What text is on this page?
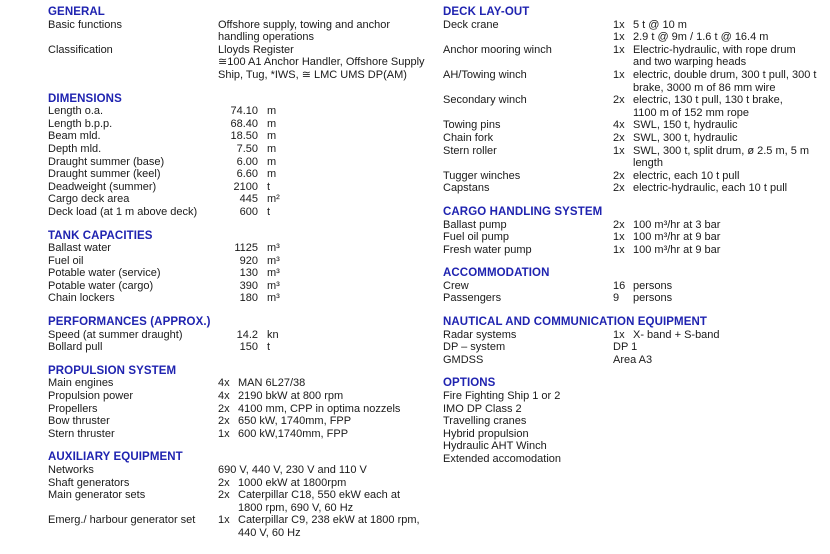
GENERAL
Basic functions	Offshore supply, towing and anchor
handling operations
Classification	Lloyds Register
≅100 A1 Anchor Handler, Offshore Supply
Ship, Tug, *IWS, ≅ LMC UMS DP(AM)
DIMENSIONS
Length o.a.	74.10 m
Length b.p.p.	68.40 m
Beam mld.	18.50 m
Depth mld.	7.50 m
Draught summer (base)	6.00 m
Draught summer (keel)	6.60 m
Deadweight (summer)	2100 t
Cargo deck area	445 m²
Deck load (at 1 m above deck)	600 t
TANK CAPACITIES
Ballast water	1125 m³
Fuel oil	920 m³
Potable water (service)	130 m³
Potable water (cargo)	390 m³
Chain lockers	180 m³
PERFORMANCES (APPROX.)
Speed (at summer draught)	14.2 kn
Bollard pull	150 t
PROPULSION SYSTEM
Main engines	4x MAN 6L27/38
Propulsion power	4x 2190 bkW at 800 rpm
Propellers	2x 4100 mm, CPP in optima nozzels
Bow thruster	2x 650 kW, 1740mm, FPP
Stern thruster	1x 600 kW,1740mm, FPP
AUXILIARY EQUIPMENT
Networks	690 V, 440 V, 230 V and 110 V
Shaft generators	2x 1000 ekW at 1800rpm
Main generator sets	2x Caterpillar C18, 550 ekW each at
1800 rpm, 690 V, 60 Hz
Emerg./ harbour generator set	1x Caterpillar C9, 238 ekW at 1800 rpm,
440 V, 60 Hz
DECK LAY-OUT
Deck crane	1x 5 t @ 10 m
1x 2.9 t @ 9m / 1.6 t @ 16.4 m
Anchor mooring winch	1x Electric-hydraulic, with rope drum
and two warping heads
AH/Towing winch	1x electric, double drum, 300 t pull, 300 t
brake, 3000 m of 86 mm wire
Secondary winch	2x electric, 130 t pull, 130 t brake,
1100 m of 152 mm rope
Towing pins	4x SWL, 150 t, hydraulic
Chain fork	2x SWL, 300 t, hydraulic
Stern roller	1x SWL, 300 t, split drum, ø 2.5 m, 5 m
length
Tugger winches	2x electric, each 10 t pull
Capstans	2x electric-hydraulic, each 10 t pull
CARGO HANDLING SYSTEM
Ballast pump	2x 100 m³/hr at 3 bar
Fuel oil pump	1x 100 m³/hr at 9 bar
Fresh water pump	1x 100 m³/hr at 9 bar
ACCOMMODATION
Crew	16 persons
Passengers	9	persons
NAUTICAL AND COMMUNICATION EQUIPMENT
Radar systems	1x X- band + S-band
DP – system	DP 1
GMDSS	Area A3
OPTIONS
Fire Fighting Ship 1 or 2
IMO DP Class 2
Travelling cranes
Hybrid propulsion
Hydraulic AHT Winch
Extended accomodation
